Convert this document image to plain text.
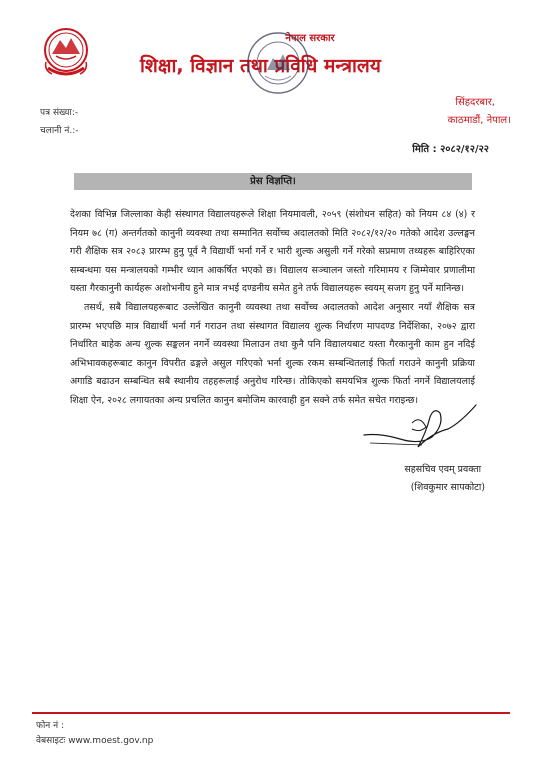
नेपाल सरकार
शिक्षा, विज्ञान तथा प्रविधि मन्त्रालय
सिंहदरबार,
काठमाडौं, नेपाल।
पत्र संख्या:-
चलानी नं.:-
मिति : २०८२/१२/२२
प्रेस विज्ञप्ति।

देशका विभिन्न जिल्लाका केही संस्थागत विद्यालयहरूले शिक्षा नियमावली, २०५९ (संशोधन सहित) को नियम ८४ (४) र नियम ७८ (ग) अन्तर्गतको कानुनी व्यवस्था तथा सम्मानित सर्वोच्च अदालतको मिति २०८२/१२/२० गतेको आदेश उल्लङ्घन गरी शैक्षिक सत्र २०८३ प्रारम्भ हुनु पूर्व नै विद्यार्थी भर्ना गर्ने र भारी शुल्क असुली गर्ने गरेको सप्रमाण तथ्यहरू बाहिरिएका सम्बन्धमा यस मन्त्रालयको गम्भीर ध्यान आकर्षित भएको छ। विद्यालय सञ्चालन जस्तो गरिमामय र जिम्मेवार प्रणालीमा यस्ता गैरकानुनी कार्यहरू अशोभनीय हुने मात्र नभई दण्डनीय समेत हुने तर्फ विद्यालयहरू स्वयम् सजग हुनु पर्ने मानिन्छ।

तसर्थ, सबै विद्यालयहरूबाट उल्लेखित कानुनी व्यवस्था तथा सर्वोच्च अदालतको आदेश अनुसार नयाँ शैक्षिक सत्र प्रारम्भ भएपछि मात्र विद्यार्थी भर्ना गर्न गराउन तथा संस्थागत विद्यालय शुल्क निर्धारण मापदण्ड निर्देशिका, २०७२ द्वारा निर्धारित बाहेक अन्य शुल्क सङ्कलन नगर्ने व्यवस्था मिलाउन तथा कुनै पनि विद्यालयबाट यस्ता गैरकानुनी काम हुन नदिई अभिभावकहरूबाट कानुन विपरीत ढङ्गले असुल गरिएको भर्ना शुल्क रकम सम्बन्धितलाई फिर्ता गराउने कानुनी प्रक्रिया अगाडि बढाउन सम्बन्धित सबै स्थानीय तहहरूलाई अनुरोध गरिन्छ। तोकिएको समयभित्र शुल्क फिर्ता नगर्ने विद्यालयलाई शिक्षा ऐन, २०२८ लगायतका अन्य प्रचलित कानुन बमोजिम कारवाही हुन सक्ने तर्फ समेत सचेत गराइन्छ।

सहसचिव एवम् प्रवक्ता
(शिवकुमार सापकोटा)
फोन नं :
वेबसाइटः www.moest.gov.np
